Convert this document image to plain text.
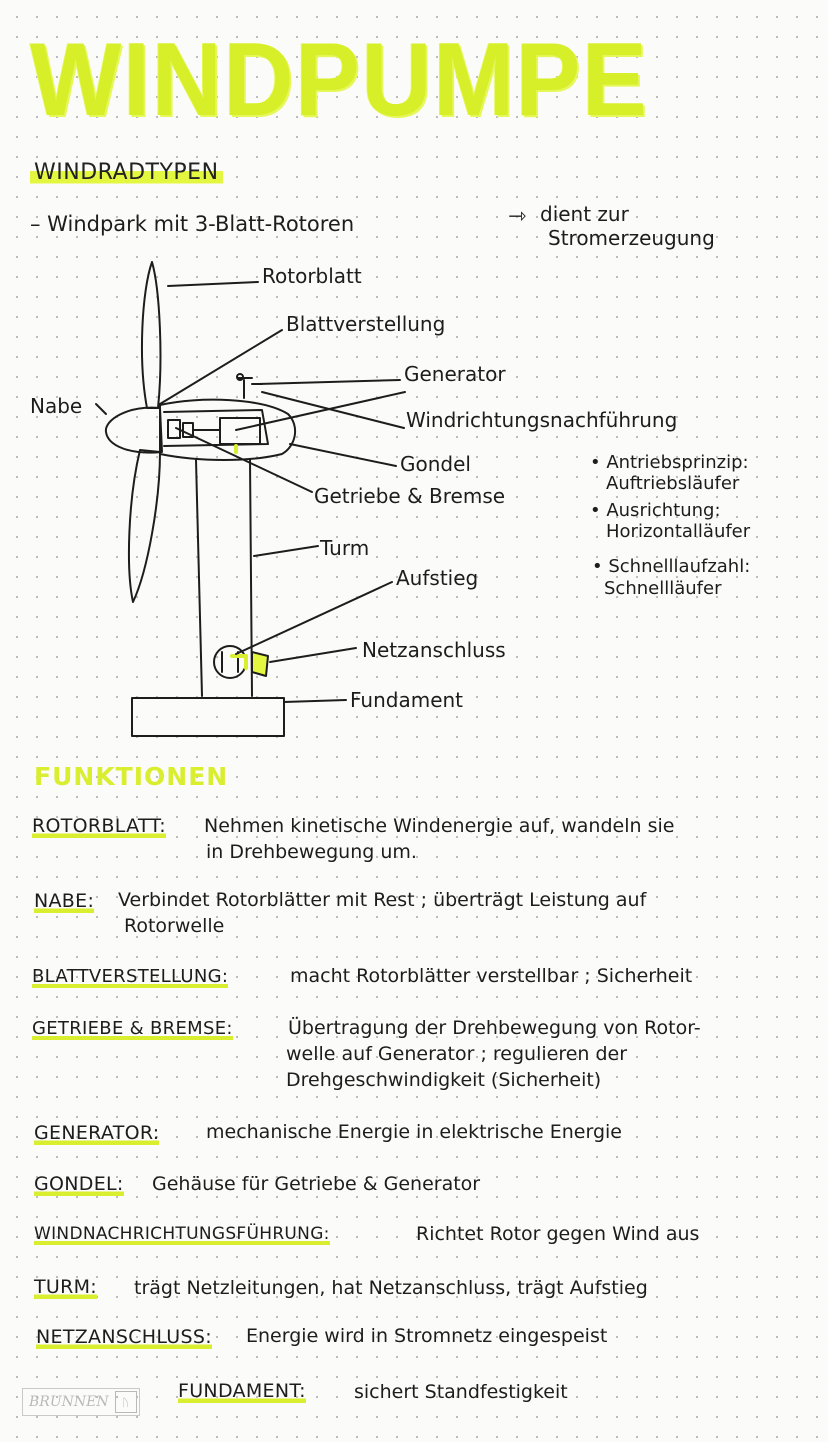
WINDPUMPE
WINDRADTYPEN
– Windpark mit 3-Blatt-Rotoren	⇾ dient zur
Stromerzeugung
Rotorblatt
Blattverstellung
Generator
Nabe
Windrichtungsnachführung
Gondel
Getriebe & Bremse
Turm
Aufstieg
Netzanschluss
Fundament
• Antriebsprinzip:
Auftriebsläufer
• Ausrichtung:
Horizontalläufer
• Schnelllaufzahl:
Schnellläufer
FUNKTIONEN
ROTORBLATT: Nehmen kinetische Windenergie auf, wandeln sie
in Drehbewegung um.
NABE: Verbindet Rotorblätter mit Rest ; überträgt Leistung auf
Rotorwelle
BLATTVERSTELLUNG:	macht Rotorblätter verstellbar ; Sicherheit
GETRIEBE & BREMSE:	Übertragung der Drehbewegung von Rotor-
welle auf Generator ; regulieren der
Drehgeschwindigkeit (Sicherheit)
GENERATOR: mechanische Energie in elektrische Energie
GONDEL: Gehäuse für Getriebe & Generator
WINDNACHRICHTUNGSFÜHRUNG:	Richtet Rotor gegen Wind aus
TURM: trägt Netzleitungen, hat Netzanschluss, trägt Aufstieg
NETZANSCHLUSS: Energie wird in Stromnetz eingespeist
FUNDAMENT:	sichert Standfestigkeit
BRUNNEN	ᚢ
